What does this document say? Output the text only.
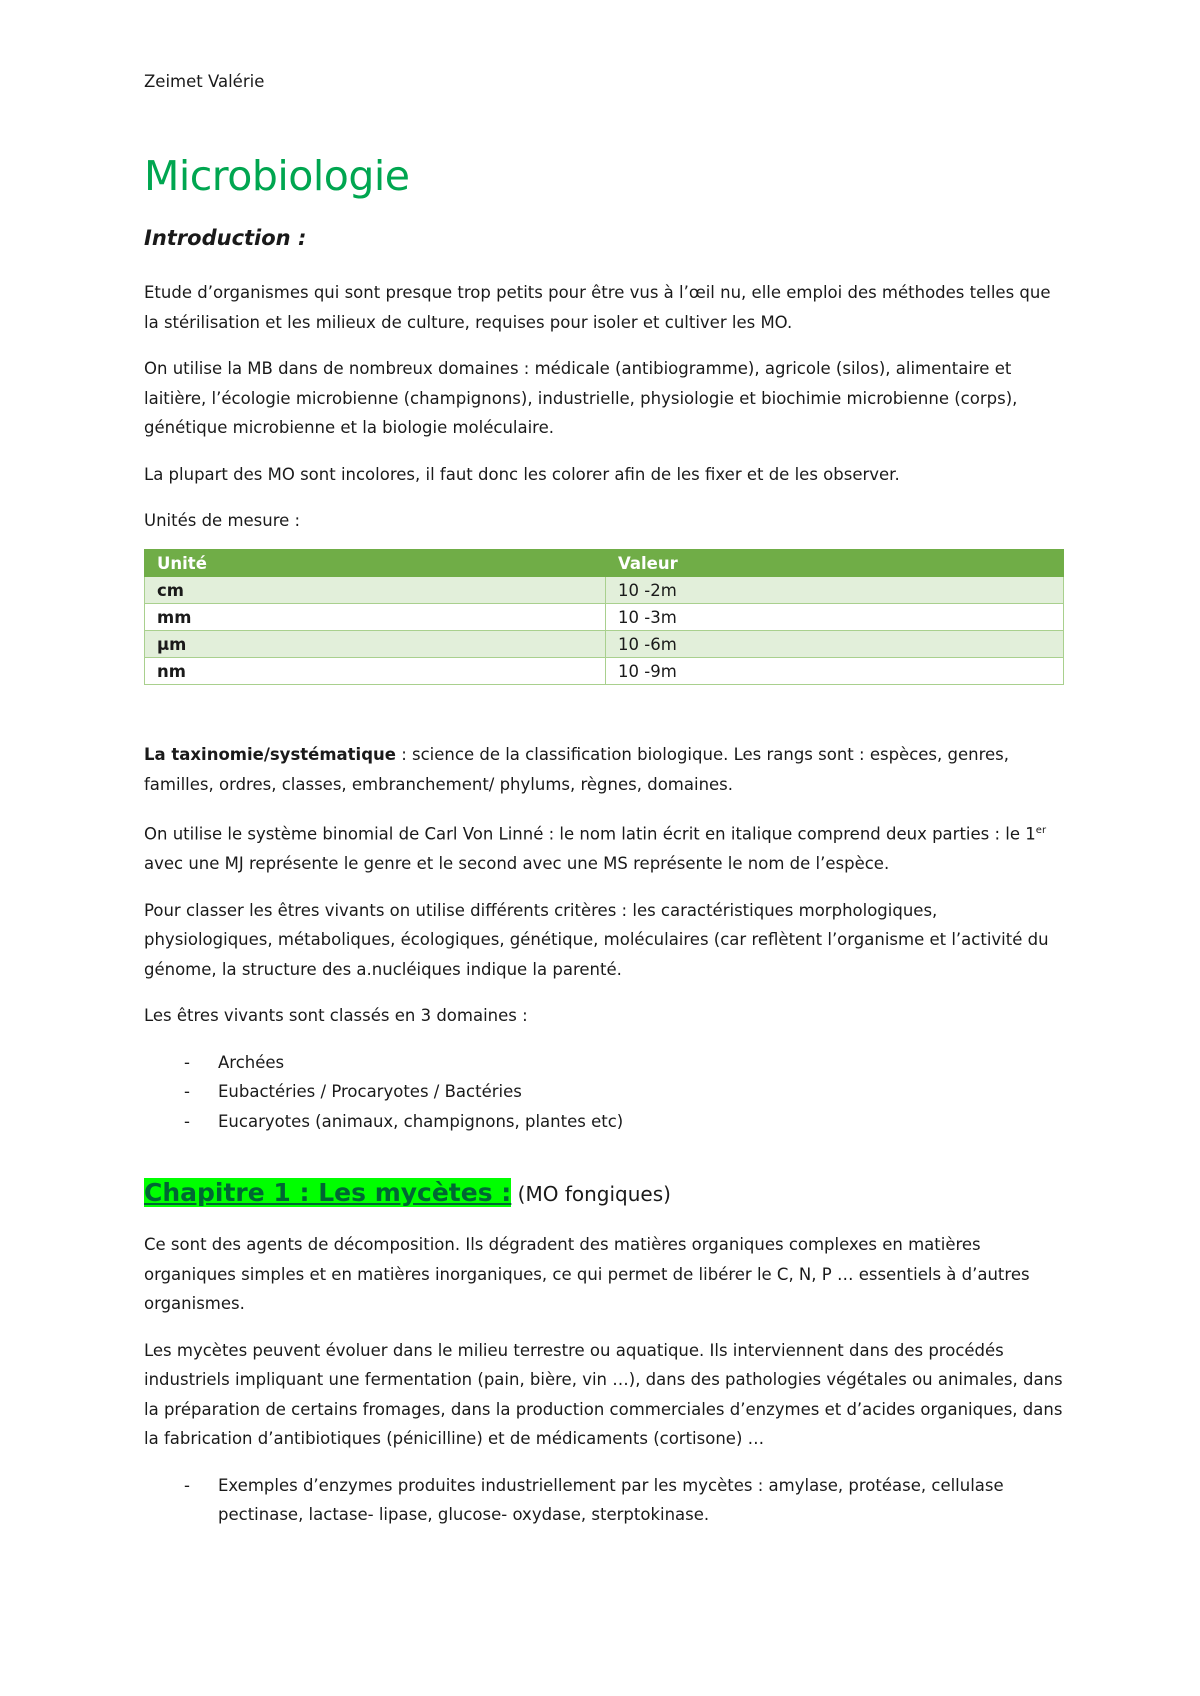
Zeimet Valérie

Microbiologie
Introduction :

Etude d’organismes qui sont presque trop petits pour être vus à l’œil nu, elle emploi des méthodes telles que la stérilisation et les milieux de culture, requises pour isoler et cultiver les MO.

On utilise la MB dans de nombreux domaines : médicale (antibiogramme), agricole (silos), alimentaire et laitière, l’écologie microbienne (champignons), industrielle, physiologie et biochimie microbienne (corps), génétique microbienne et la biologie moléculaire.

La plupart des MO sont incolores, il faut donc les colorer afin de les fixer et de les observer.

Unités de mesure :

Unité	Valeur
cm	10 -2m
mm	10 -3m
µm	10 -6m
nm	10 -9m

La taxinomie/systématique : science de la classification biologique. Les rangs sont : espèces, genres, familles, ordres, classes, embranchement/ phylums, règnes, domaines.

On utilise le système binomial de Carl Von Linné : le nom latin écrit en italique comprend deux parties : le 1er avec une MJ représente le genre et le second avec une MS représente le nom de l’espèce.

Pour classer les êtres vivants on utilise différents critères : les caractéristiques morphologiques, physiologiques, métaboliques, écologiques, génétique, moléculaires (car reflètent l’organisme et l’activité du génome, la structure des a.nucléiques indique la parenté.

Les êtres vivants sont classés en 3 domaines :

- Archées
- Eubactéries / Procaryotes / Bactéries
- Eucaryotes (animaux, champignons, plantes etc)

Chapitre 1 : Les mycètes : (MO fongiques)

Ce sont des agents de décomposition. Ils dégradent des matières organiques complexes en matières organiques simples et en matières inorganiques, ce qui permet de libérer le C, N, P … essentiels à d’autres organismes.

Les mycètes peuvent évoluer dans le milieu terrestre ou aquatique. Ils interviennent dans des procédés industriels impliquant une fermentation (pain, bière, vin …), dans des pathologies végétales ou animales, dans la préparation de certains fromages, dans la production commerciales d’enzymes et d’acides organiques, dans la fabrication d’antibiotiques (pénicilline) et de médicaments (cortisone) …

- Exemples d’enzymes produites industriellement par les mycètes : amylase, protéase, cellulase pectinase, lactase- lipase, glucose- oxydase, sterptokinase.
